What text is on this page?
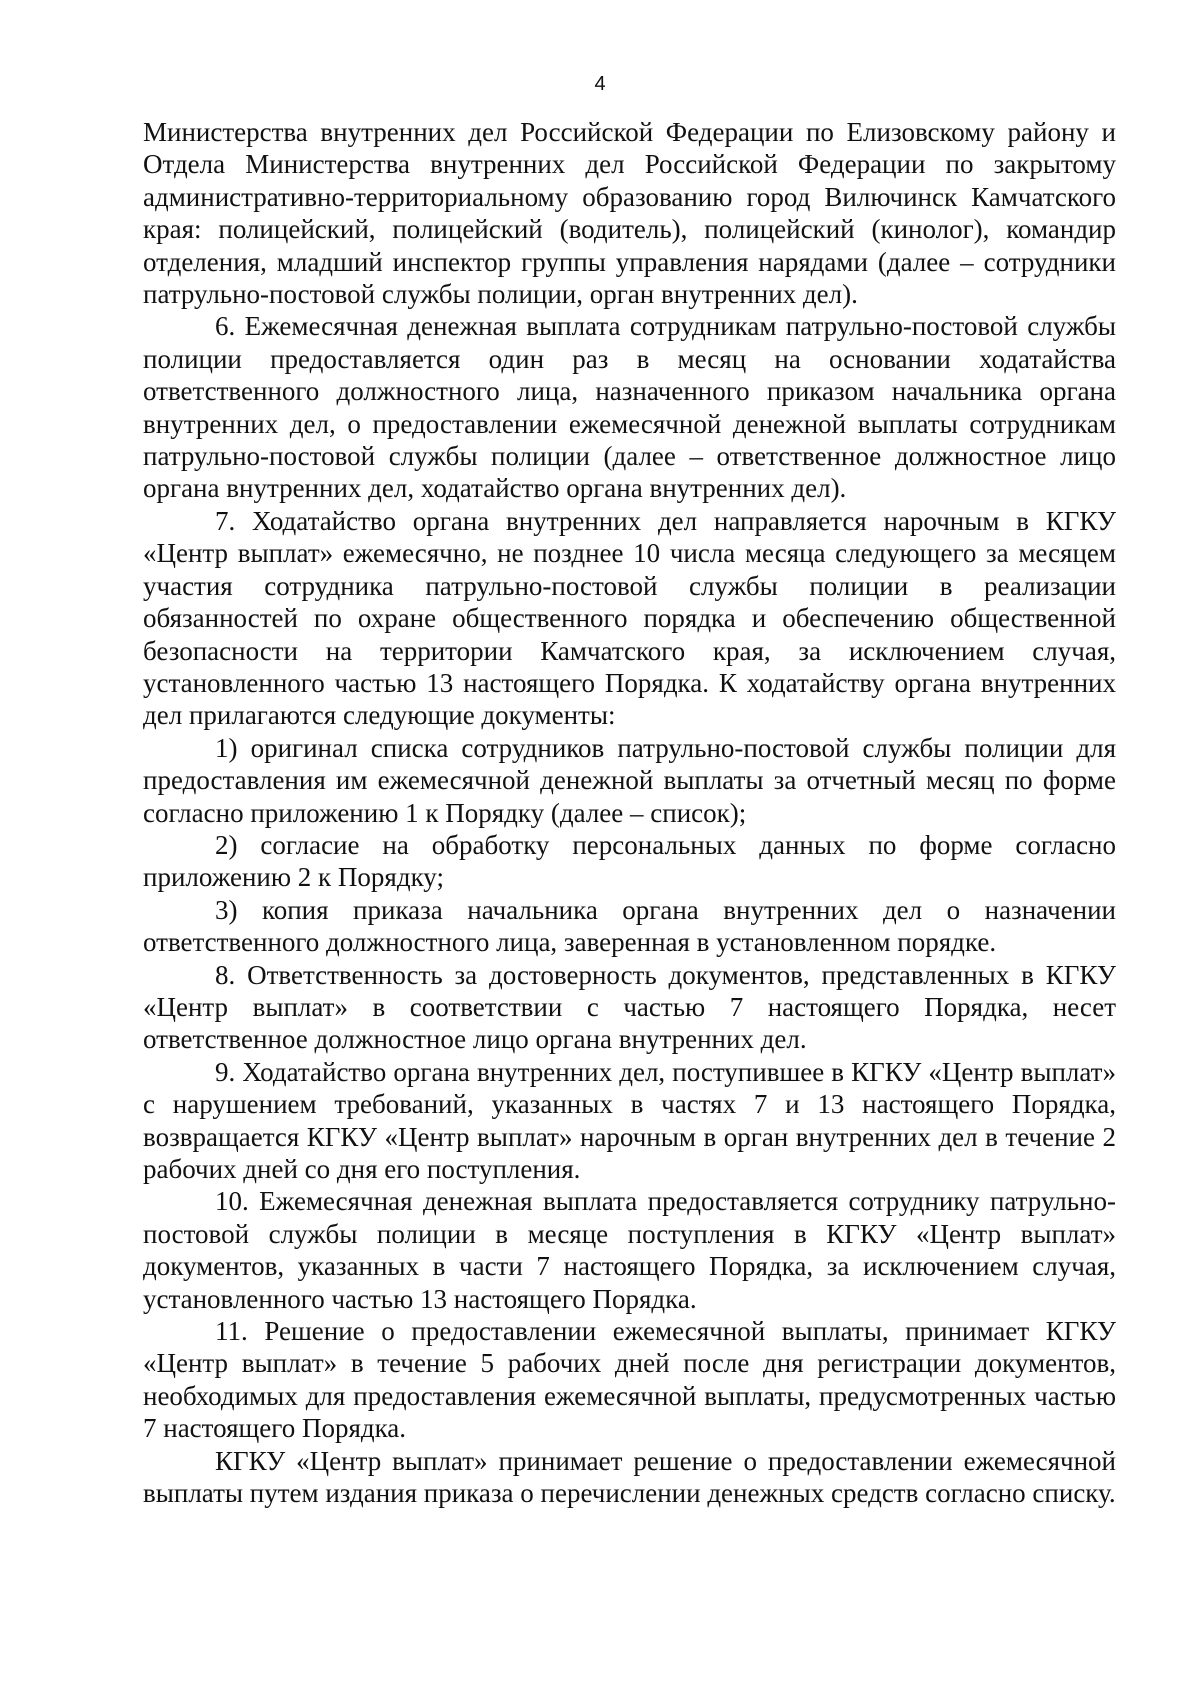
4

Министерства внутренних дел Российской Федерации по Елизовскому району и Отдела Министерства внутренних дел Российской Федерации по закрытому административно-территориальному образованию город Вилючинск Камчатского края: полицейский, полицейский (водитель), полицейский (кинолог), командир отделения, младший инспектор группы управления нарядами (далее – сотрудники патрульно-постовой службы полиции, орган внутренних дел).

6. Ежемесячная денежная выплата сотрудникам патрульно-постовой службы полиции предоставляется один раз в месяц на основании ходатайства ответственного должностного лица, назначенного приказом начальника органа внутренних дел, о предоставлении ежемесячной денежной выплаты сотрудникам патрульно-постовой службы полиции (далее – ответственное должностное лицо органа внутренних дел, ходатайство органа внутренних дел).

7. Ходатайство органа внутренних дел направляется нарочным в КГКУ «Центр выплат» ежемесячно, не позднее 10 числа месяца следующего за месяцем участия сотрудника патрульно-постовой службы полиции в реализации обязанностей по охране общественного порядка и обеспечению общественной безопасности на территории Камчатского края, за исключением случая, установленного частью 13 настоящего Порядка. К ходатайству органа внутренних дел прилагаются следующие документы:

1) оригинал списка сотрудников патрульно-постовой службы полиции для предоставления им ежемесячной денежной выплаты за отчетный месяц по форме согласно приложению 1 к Порядку (далее – список);

2) согласие на обработку персональных данных по форме согласно приложению 2 к Порядку;

3) копия приказа начальника органа внутренних дел о назначении ответственного должностного лица, заверенная в установленном порядке.

8. Ответственность за достоверность документов, представленных в КГКУ «Центр выплат» в соответствии с частью 7 настоящего Порядка, несет ответственное должностное лицо органа внутренних дел.

9. Ходатайство органа внутренних дел, поступившее в КГКУ «Центр выплат» с нарушением требований, указанных в частях 7 и 13 настоящего Порядка, возвращается КГКУ «Центр выплат» нарочным в орган внутренних дел в течение 2 рабочих дней со дня его поступления.

10. Ежемесячная денежная выплата предоставляется сотруднику патрульно-постовой службы полиции в месяце поступления в КГКУ «Центр выплат» документов, указанных в части 7 настоящего Порядка, за исключением случая, установленного частью 13 настоящего Порядка.

11. Решение о предоставлении ежемесячной выплаты, принимает КГКУ «Центр выплат» в течение 5 рабочих дней после дня регистрации документов, необходимых для предоставления ежемесячной выплаты, предусмотренных частью 7 настоящего Порядка.

КГКУ «Центр выплат» принимает решение о предоставлении ежемесячной выплаты путем издания приказа о перечислении денежных средств согласно списку.
